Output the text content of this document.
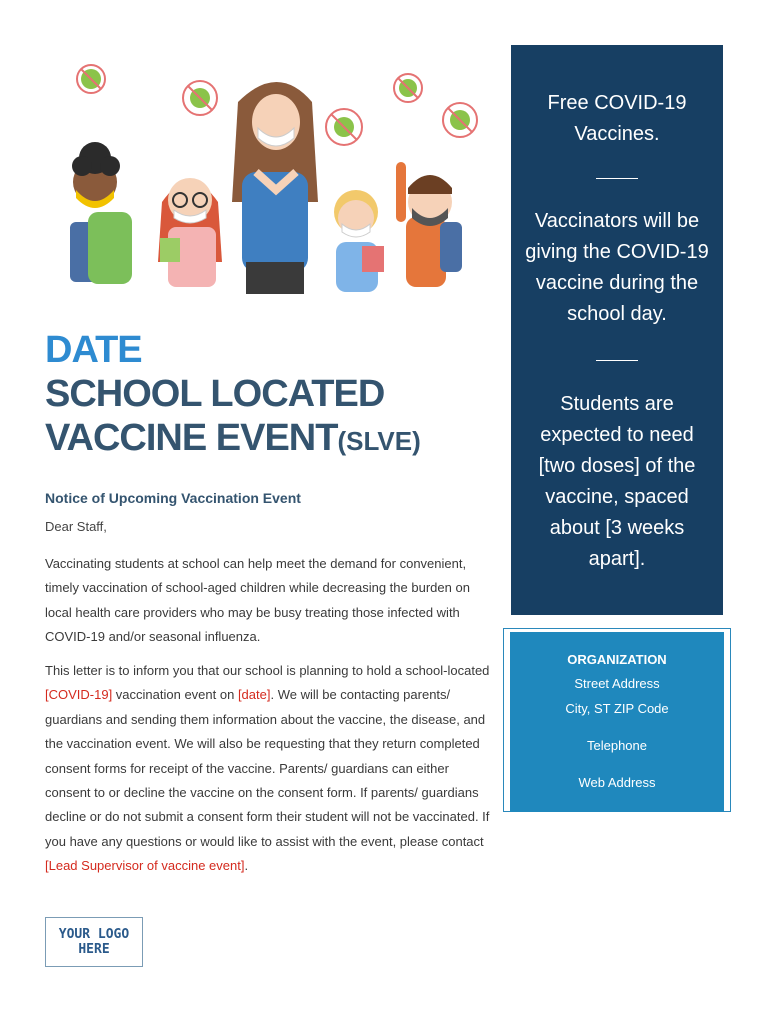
DATE
SCHOOL LOCATED
VACCINE EVENT(SLVE)
Notice of Upcoming Vaccination Event
Dear Staff,
Vaccinating students at school can help meet the demand for convenient, timely vaccination of school-aged children while decreasing the burden on local health care providers who may be busy treating those infected with COVID-19 and/or seasonal influenza.
This letter is to inform you that our school is planning to hold a school-located [COVID-19] vaccination event on [date]. We will be contacting parents/ guardians and sending them information about the vaccine, the disease, and the vaccination event. We will also be requesting that they return completed consent forms for receipt of the vaccine. Parents/ guardians can either consent to or decline the vaccine on the consent form. If parents/ guardians decline or do not submit a consent form their student will not be vaccinated. If you have any questions or would like to assist with the event, please contact [Lead Supervisor of vaccine event].
YOUR LOGO
HERE
Free COVID-19 Vaccines.
Vaccinators will be giving the COVID-19 vaccine during the school day.
Students are expected to need [two doses] of the vaccine, spaced about [3 weeks apart].
ORGANIZATION
Street Address
City, ST ZIP Code
Telephone
Web Address
